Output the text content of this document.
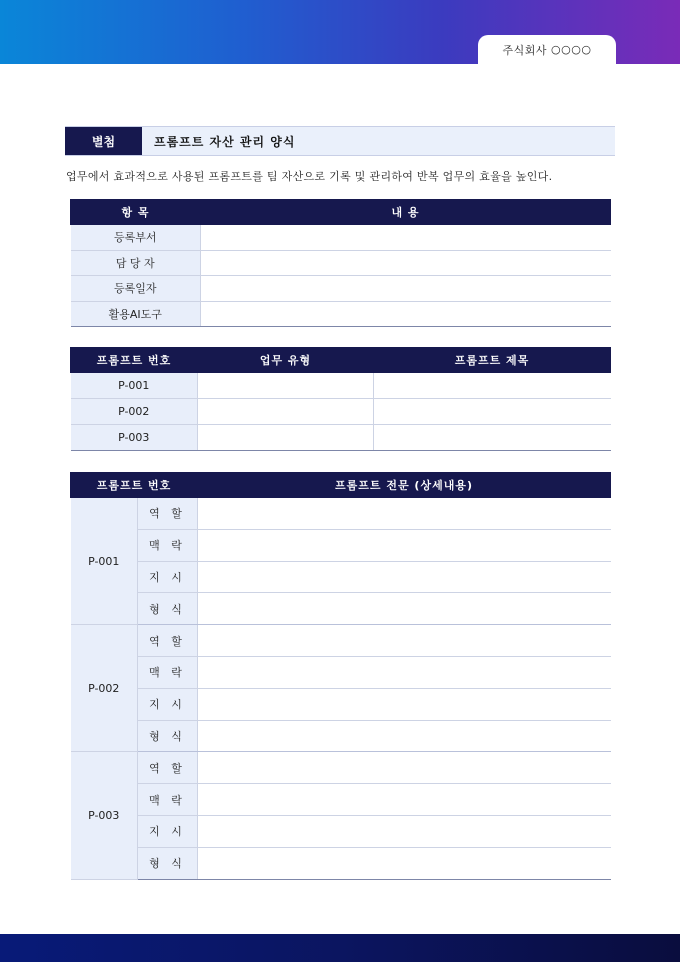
주식회사 ○○○○
별첨	프롬프트 자산 관리 양식
업무에서 효과적으로 사용된 프롬프트를 팀 자산으로 기록 및 관리하여 반복 업무의 효율을 높인다.
항 목	내 용
등록부서	
담 당 자	
등록일자	
활용AI도구	
프롬프트 번호	업무 유형	프롬프트 제목
P-001		
P-002		
P-003		
프롬프트 번호		프롬프트 전문 (상세내용)
P-001	역 할	
	맥 락	
	지 시	
	형 식	
P-002	역 할	
	맥 락	
	지 시	
	형 식	
P-003	역 할	
	맥 락	
	지 시	
	형 식	
